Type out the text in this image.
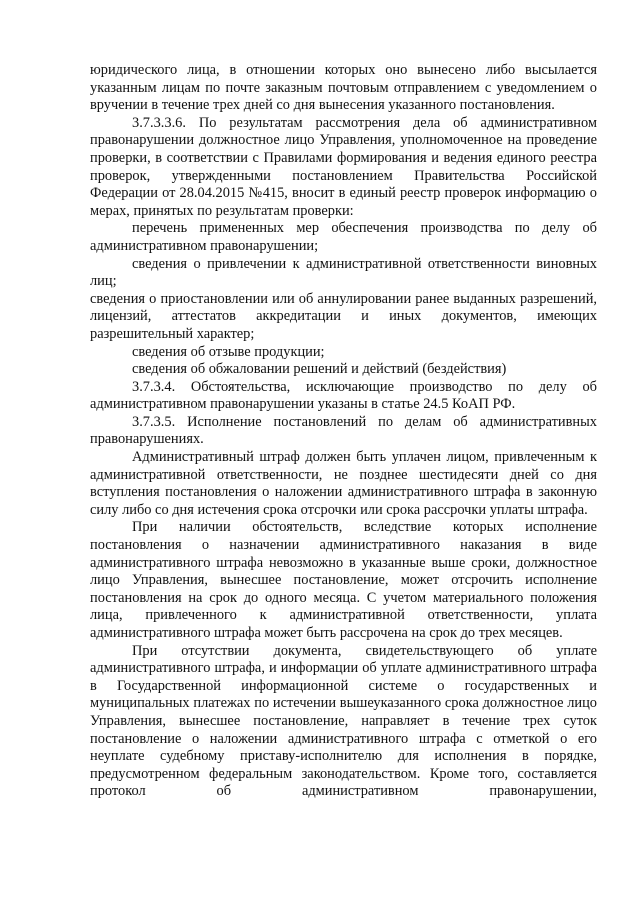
юридического лица, в отношении которых оно вынесено либо высылается указанным лицам по почте заказным почтовым отправлением с уведомлением о вручении в течение трех дней со дня вынесения указанного постановления.

3.7.3.3.6. По результатам рассмотрения дела об административном правонарушении должностное лицо Управления, уполномоченное на проведение проверки, в соответствии с Правилами формирования и ведения единого реестра проверок, утвержденными постановлением Правительства Российской Федерации от 28.04.2015 №415, вносит в единый реестр проверок информацию о мерах, принятых по результатам проверки:

перечень примененных мер обеспечения производства по делу об административном правонарушении;

сведения о привлечении к административной ответственности виновных лиц;

сведения о приостановлении или об аннулировании ранее выданных разрешений, лицензий, аттестатов аккредитации и иных документов, имеющих разрешительный характер;

сведения об отзыве продукции;

сведения об обжаловании решений и действий (бездействия)

3.7.3.4. Обстоятельства, исключающие производство по делу об административном правонарушении указаны в статье 24.5 КоАП РФ.

3.7.3.5. Исполнение постановлений по делам об административных правонарушениях.

Административный штраф должен быть уплачен лицом, привлеченным к административной ответственности, не позднее шестидесяти дней со дня вступления постановления о наложении административного штрафа в законную силу либо со дня истечения срока отсрочки или срока рассрочки уплаты штрафа.

При наличии обстоятельств, вследствие которых исполнение постановления о назначении административного наказания в виде административного штрафа невозможно в указанные выше сроки, должностное лицо Управления, вынесшее постановление, может отсрочить исполнение постановления на срок до одного месяца. С учетом материального положения лица, привлеченного к административной ответственности, уплата административного штрафа может быть рассрочена на срок до трех месяцев.

При отсутствии документа, свидетельствующего об уплате административного штрафа, и информации об уплате административного штрафа в Государственной информационной системе о государственных и муниципальных платежах по истечении вышеуказанного срока должностное лицо Управления, вынесшее постановление, направляет в течение трех суток постановление о наложении административного штрафа с отметкой о его неуплате судебному приставу-исполнителю для исполнения в порядке, предусмотренном федеральным законодательством. Кроме того, составляется протокол об административном правонарушении,
